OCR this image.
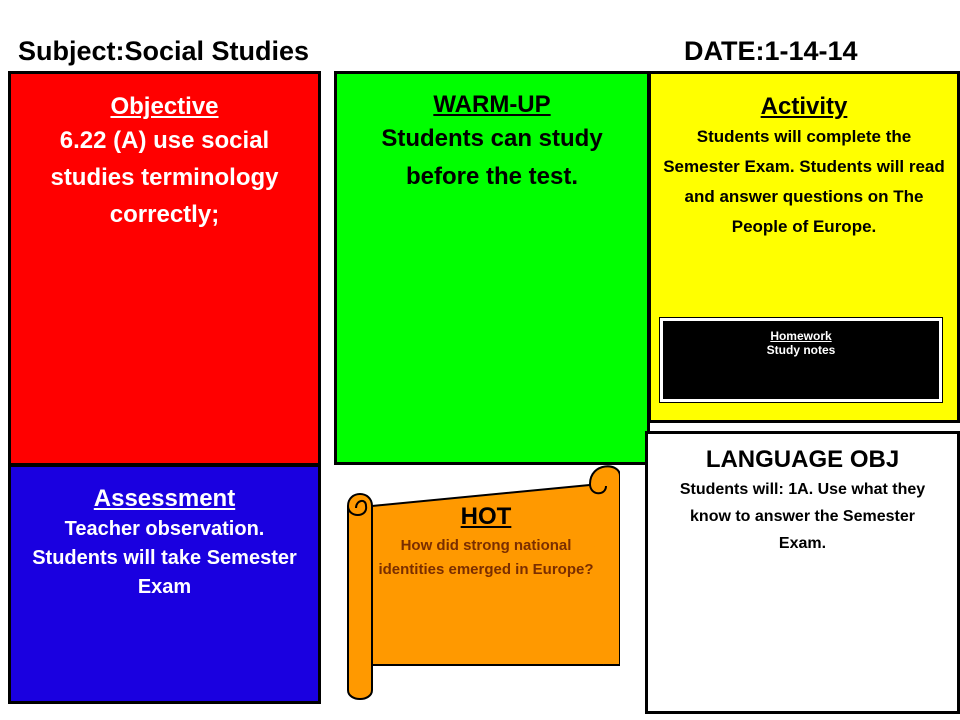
Subject:Social Studies	DATE:1-14-14
Objective
6.22 (A) use social studies terminology correctly;
WARM-UP
Students can study before the test.
Activity
Students will complete the Semester Exam. Students will read and answer questions on The People of Europe.
Homework
Study notes
Assessment
Teacher observation. Students will take Semester Exam
LANGUAGE OBJ
Students will: 1A. Use what they know to answer the Semester Exam.
HOT
How did strong national identities emerged in Europe?
